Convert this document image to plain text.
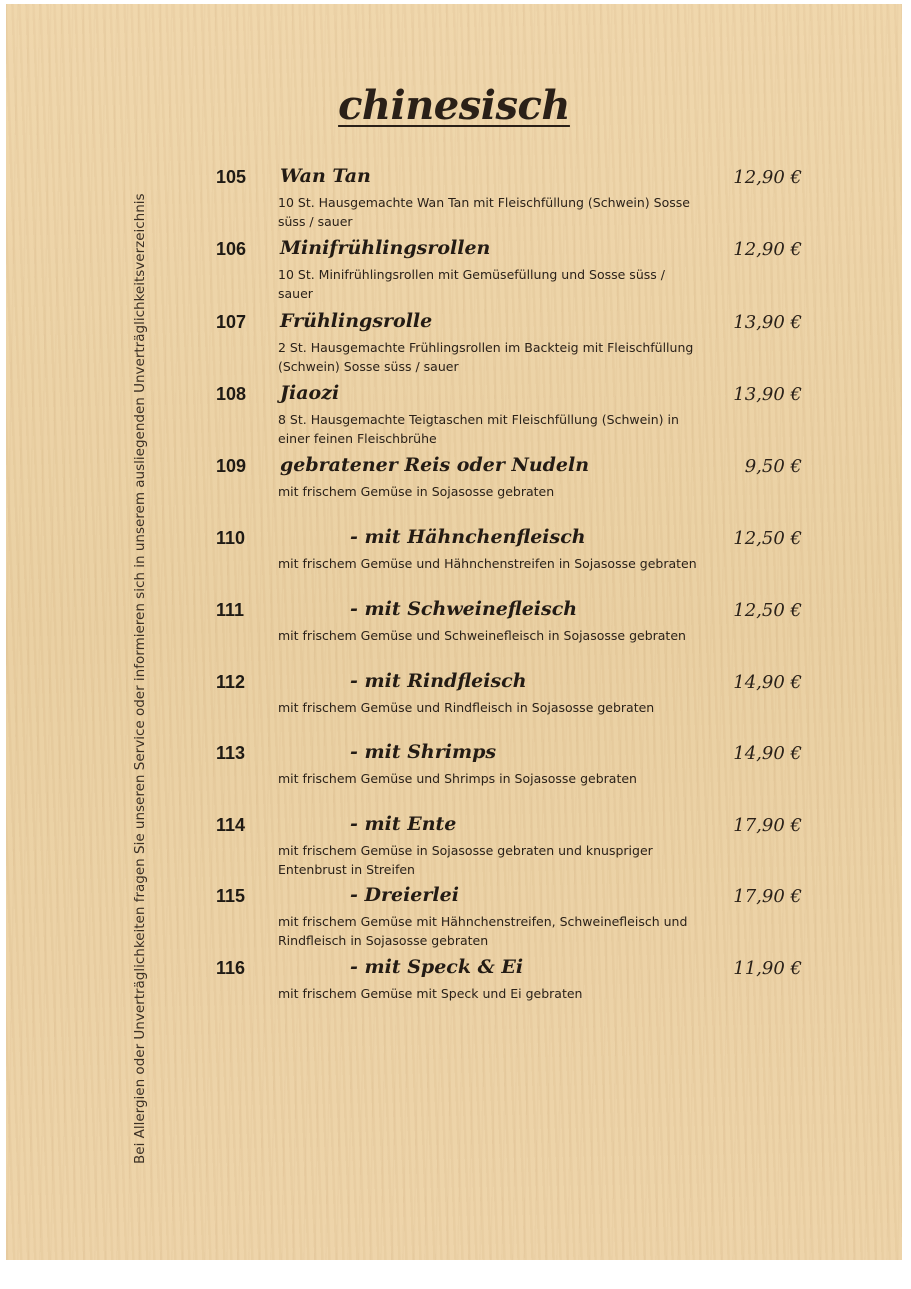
chinesisch
Bei Allergien oder Unverträglichkeiten fragen Sie unseren Service oder informieren sich in unserem ausliegenden Unverträglichkeitsverzeichnis
105 Wan Tan	12,90 €
10 St. Hausgemachte Wan Tan mit Fleischfüllung (Schwein) Sosse süss / sauer
106 Minifrühlingsrollen	12,90 €
10 St. Minifrühlingsrollen mit Gemüsefüllung und Sosse süss / sauer
107 Frühlingsrolle	13,90 €
2 St. Hausgemachte Frühlingsrollen im Backteig mit Fleischfüllung (Schwein) Sosse süss / sauer
108 Jiaozi	13,90 €
8 St. Hausgemachte Teigtaschen mit Fleischfüllung (Schwein) in einer feinen Fleischbrühe
109 gebratener Reis oder Nudeln	9,50 €
mit frischem Gemüse in Sojasosse gebraten
110	- mit Hähnchenfleisch	12,50 €
mit frischem Gemüse und Hähnchenstreifen in Sojasosse gebraten
111	- mit Schweinefleisch	12,50 €
mit frischem Gemüse und Schweinefleisch in Sojasosse gebraten
112	- mit Rindfleisch	14,90 €
mit frischem Gemüse und Rindfleisch in Sojasosse gebraten
113	- mit Shrimps	14,90 €
mit frischem Gemüse und Shrimps in Sojasosse gebraten
114	- mit Ente	17,90 €
mit frischem Gemüse in Sojasosse gebraten und knuspriger Entenbrust in Streifen
115	- Dreierlei	17,90 €
mit frischem Gemüse mit Hähnchenstreifen, Schweinefleisch und Rindfleisch in Sojasosse gebraten
116	- mit Speck & Ei	11,90 €
mit frischem Gemüse mit Speck und Ei gebraten
